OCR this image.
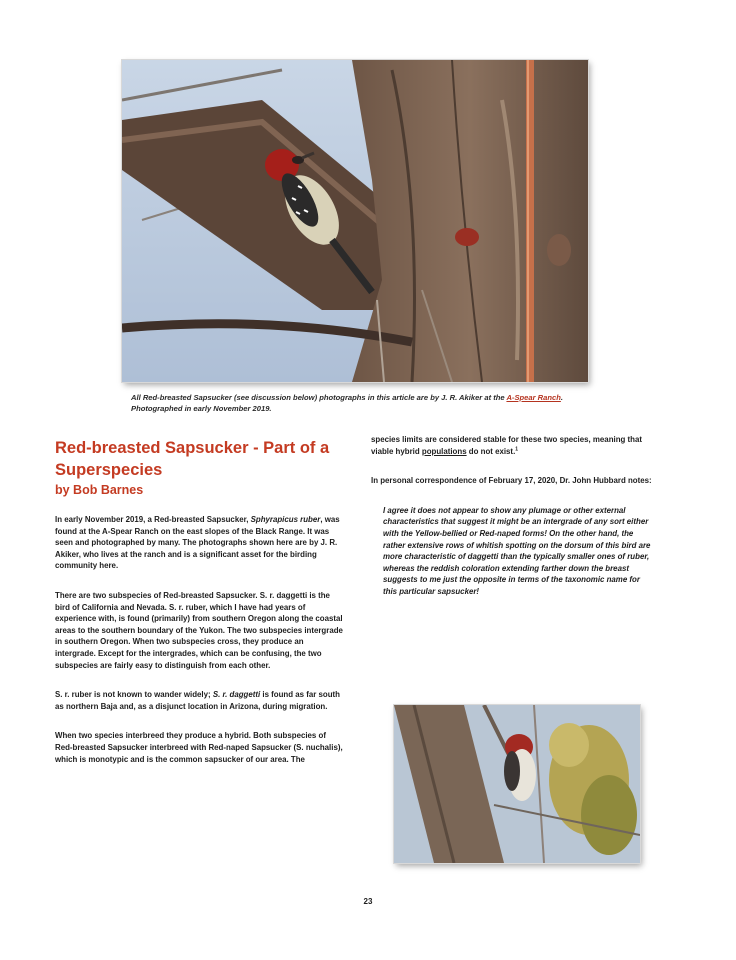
All Red-breasted Sapsucker (see discussion below) photographs in this article are by J. R. Akiker at the A-Spear Ranch. Photographed in early November 2019.
Red-breasted Sapsucker - Part of a Superspecies
by Bob Barnes

In early November 2019, a Red-breasted Sapsucker, Sphyrapicus ruber, was found at the A-Spear Ranch on the east slopes of the Black Range. It was seen and photographed by many. The photographs shown here are by J. R. Akiker, who lives at the ranch and is a significant asset for the birding community here.

There are two subspecies of Red-breasted Sapsucker. S. r. daggetti is the bird of California and Nevada. S. r. ruber, which I have had years of experience with, is found (primarily) from southern Oregon along the coastal areas to the southern boundary of the Yukon. The two subspecies intergrade in southern Oregon. When two subspecies cross, they produce an intergrade. Except for the intergrades, which can be confusing, the two subspecies are fairly easy to distinguish from each other.

S. r. ruber is not known to wander widely; S. r. daggetti is found as far south as northern Baja and, as a disjunct location in Arizona, during migration.

When two species interbreed they produce a hybrid. Both subspecies of Red-breasted Sapsucker interbreed with Red-naped Sapsucker (S. nuchalis), which is monotypic and is the common sapsucker of our area. The

species limits are considered stable for these two species, meaning that viable hybrid populations do not exist.$^1$

In personal correspondence of February 17, 2020, Dr. John Hubbard notes:

I agree it does not appear to show any plumage or other external characteristics that suggest it might be an intergrade of any sort either with the Yellow-bellied or Red-naped forms! On the other hand, the rather extensive rows of whitish spotting on the dorsum of this bird are more characteristic of daggetti than the typically smaller ones of ruber, whereas the reddish coloration extending farther down the breast suggests to me just the opposite in terms of the taxonomic name for this particular sapsucker!

23
